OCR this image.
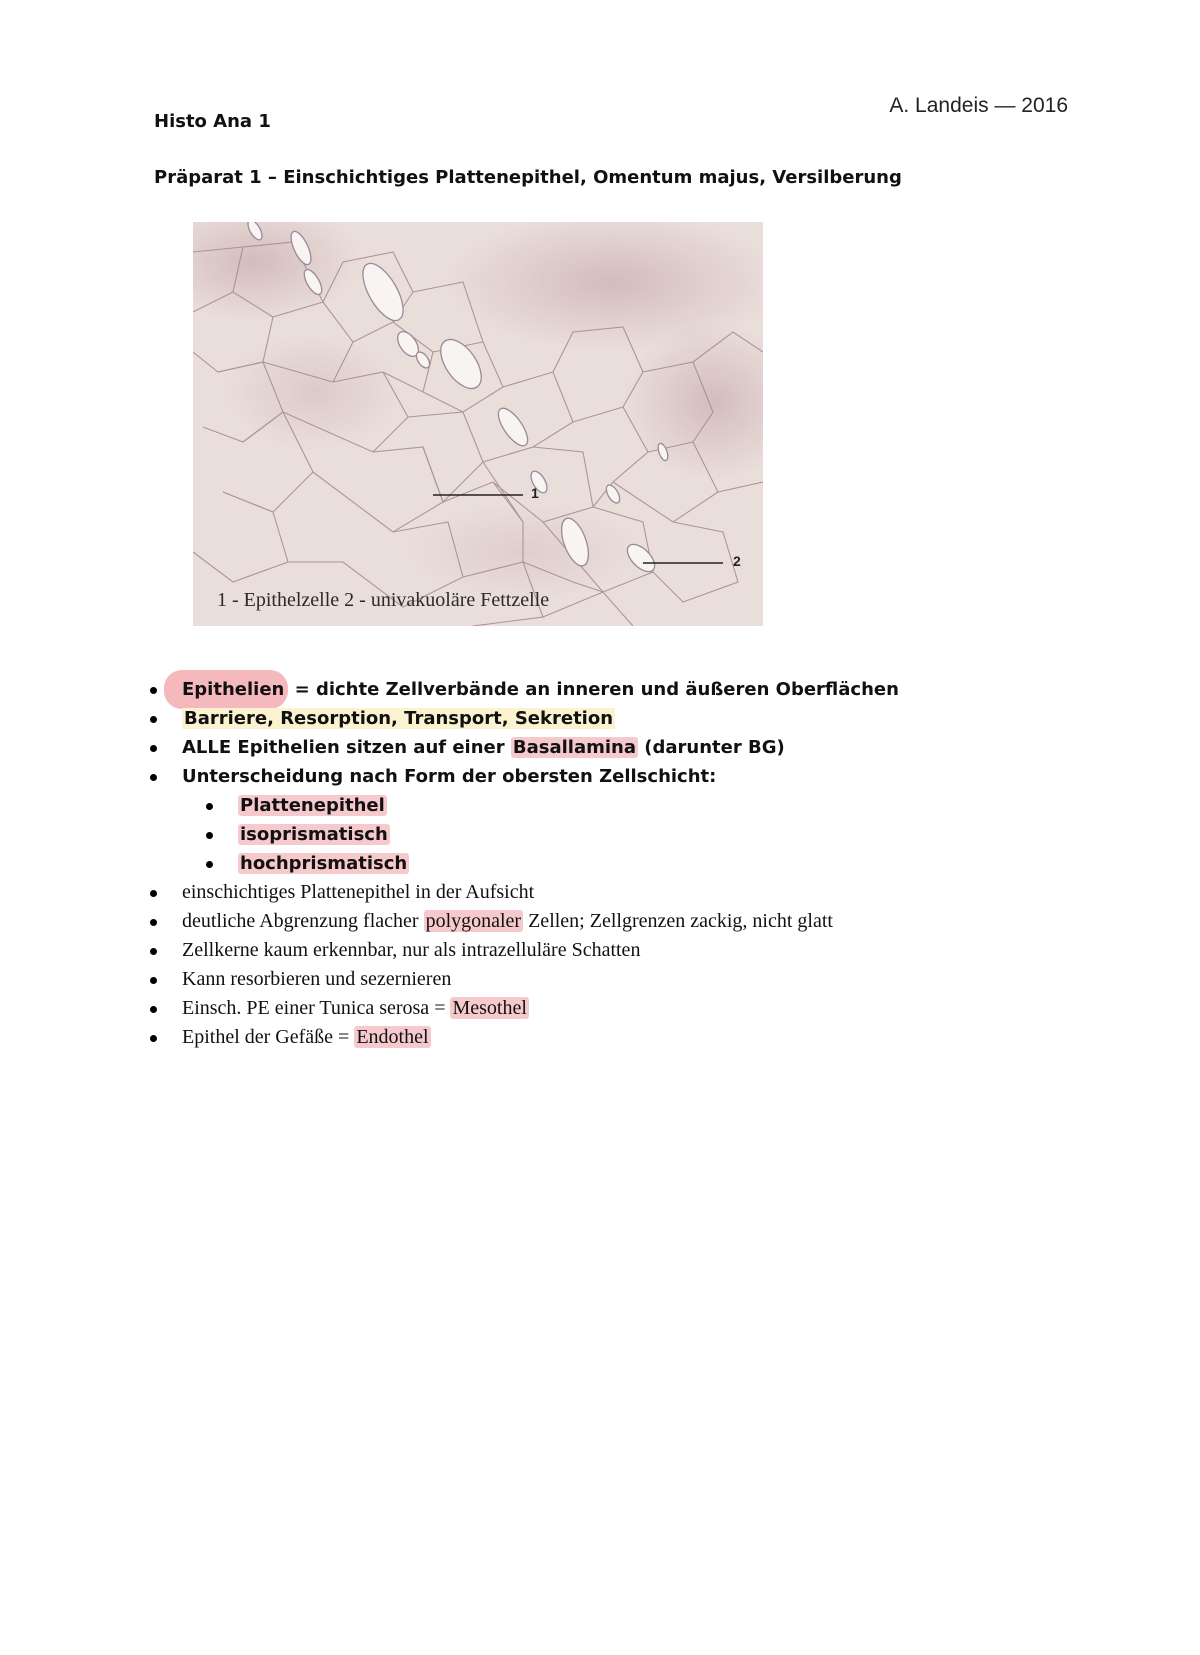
A. Landeis — 2016
Histo Ana 1
Präparat 1 – Einschichtiges Plattenepithel, Omentum majus, Versilberung
1
2
1 - Epithelzelle 2 - univakuoläre Fettzelle
Epithelien = dichte Zellverbände an inneren und äußeren Oberflächen
Barriere, Resorption, Transport, Sekretion
ALLE Epithelien sitzen auf einer Basallamina (darunter BG)
Unterscheidung nach Form der obersten Zellschicht:
Plattenepithel
isoprismatisch
hochprismatisch
einschichtiges Plattenepithel in der Aufsicht
deutliche Abgrenzung flacher polygonaler Zellen; Zellgrenzen zackig, nicht glatt
Zellkerne kaum erkennbar, nur als intrazelluläre Schatten
Kann resorbieren und sezernieren
Einsch. PE einer Tunica serosa = Mesothel
Epithel der Gefäße = Endothel
